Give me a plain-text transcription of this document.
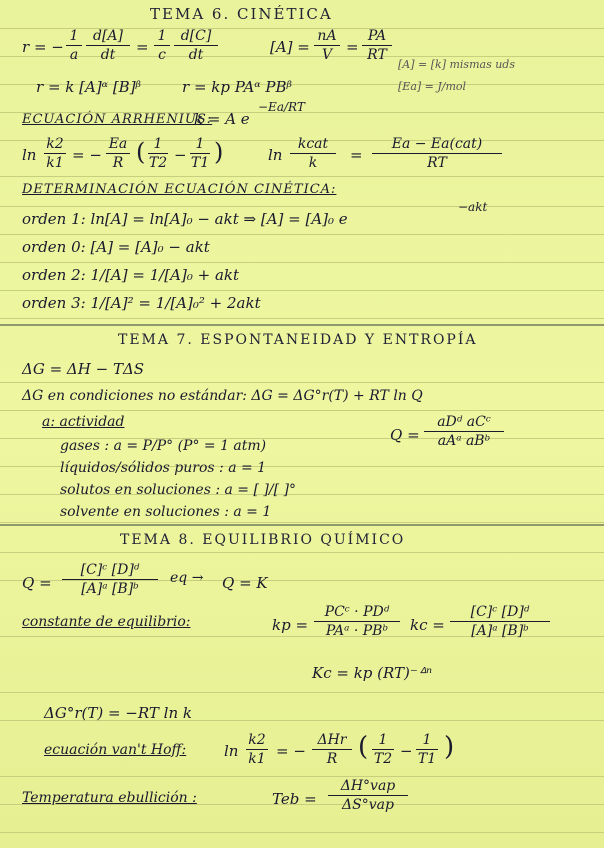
TEMA 6. CINÉTICA
r = −
1
a
d[A]
dt	=
1
c
d[C]
dt	[A] =
nA
V =
PA
RT
r = k [A]ᵅ [B]ᵝ	r = kp PAᵅ PBᵝ
[A] = [k] mismas uds
[Ea] = J/mol
ECUACIÓN ARRHENIUS:
k = A e
−Ea/RT
ln
k2
k1 = −
Ea
R ( 1
T2 −
1
T1 )	ln
kcat
k	=
Ea − Ea(cat)
RT
DETERMINACIÓN ECUACIÓN CINÉTICA:
orden 1: ln[A] = ln[A]₀ − akt ⇒ [A] = [A]₀ e
−akt
orden 0: [A] = [A]₀ − akt
orden 2: 1/[A] = 1/[A]₀ + akt
orden 3: 1/[A]² = 1/[A]₀² + 2akt
TEMA 7. ESPONTANEIDAD Y ENTROPÍA
ΔG = ΔH − TΔS
ΔG en condiciones no estándar: ΔG = ΔG°r(T) + RT ln Q
a: actividad
Q =
aDᵈ aCᶜ
aAᵃ aBᵇ
gases : a = P/P° (P° = 1 atm)
líquidos/sólidos puros : a = 1
solutos en soluciones : a = [ ]/[ ]°
solvente en soluciones : a = 1
TEMA 8. EQUILIBRIO QUÍMICO
Q =
[C]ᶜ [D]ᵈ
[A]ᵃ [B]ᵇ
eq → Q = K
constante de equilibrio:	kp =
PCᶜ · PDᵈ
PAᵃ · PBᵇ	kc =
[C]ᶜ [D]ᵈ
[A]ᵃ [B]ᵇ
Kc = kp (RT)⁻ᐞⁿ
ΔG°r(T) = −RT ln k
ecuación van't Hoff:	ln
k2
k1 = −
ΔHr
R ( 1
T2 −
1
T1 )
Temperatura ebullición :	Teb =
ΔH°vap
ΔS°vap
